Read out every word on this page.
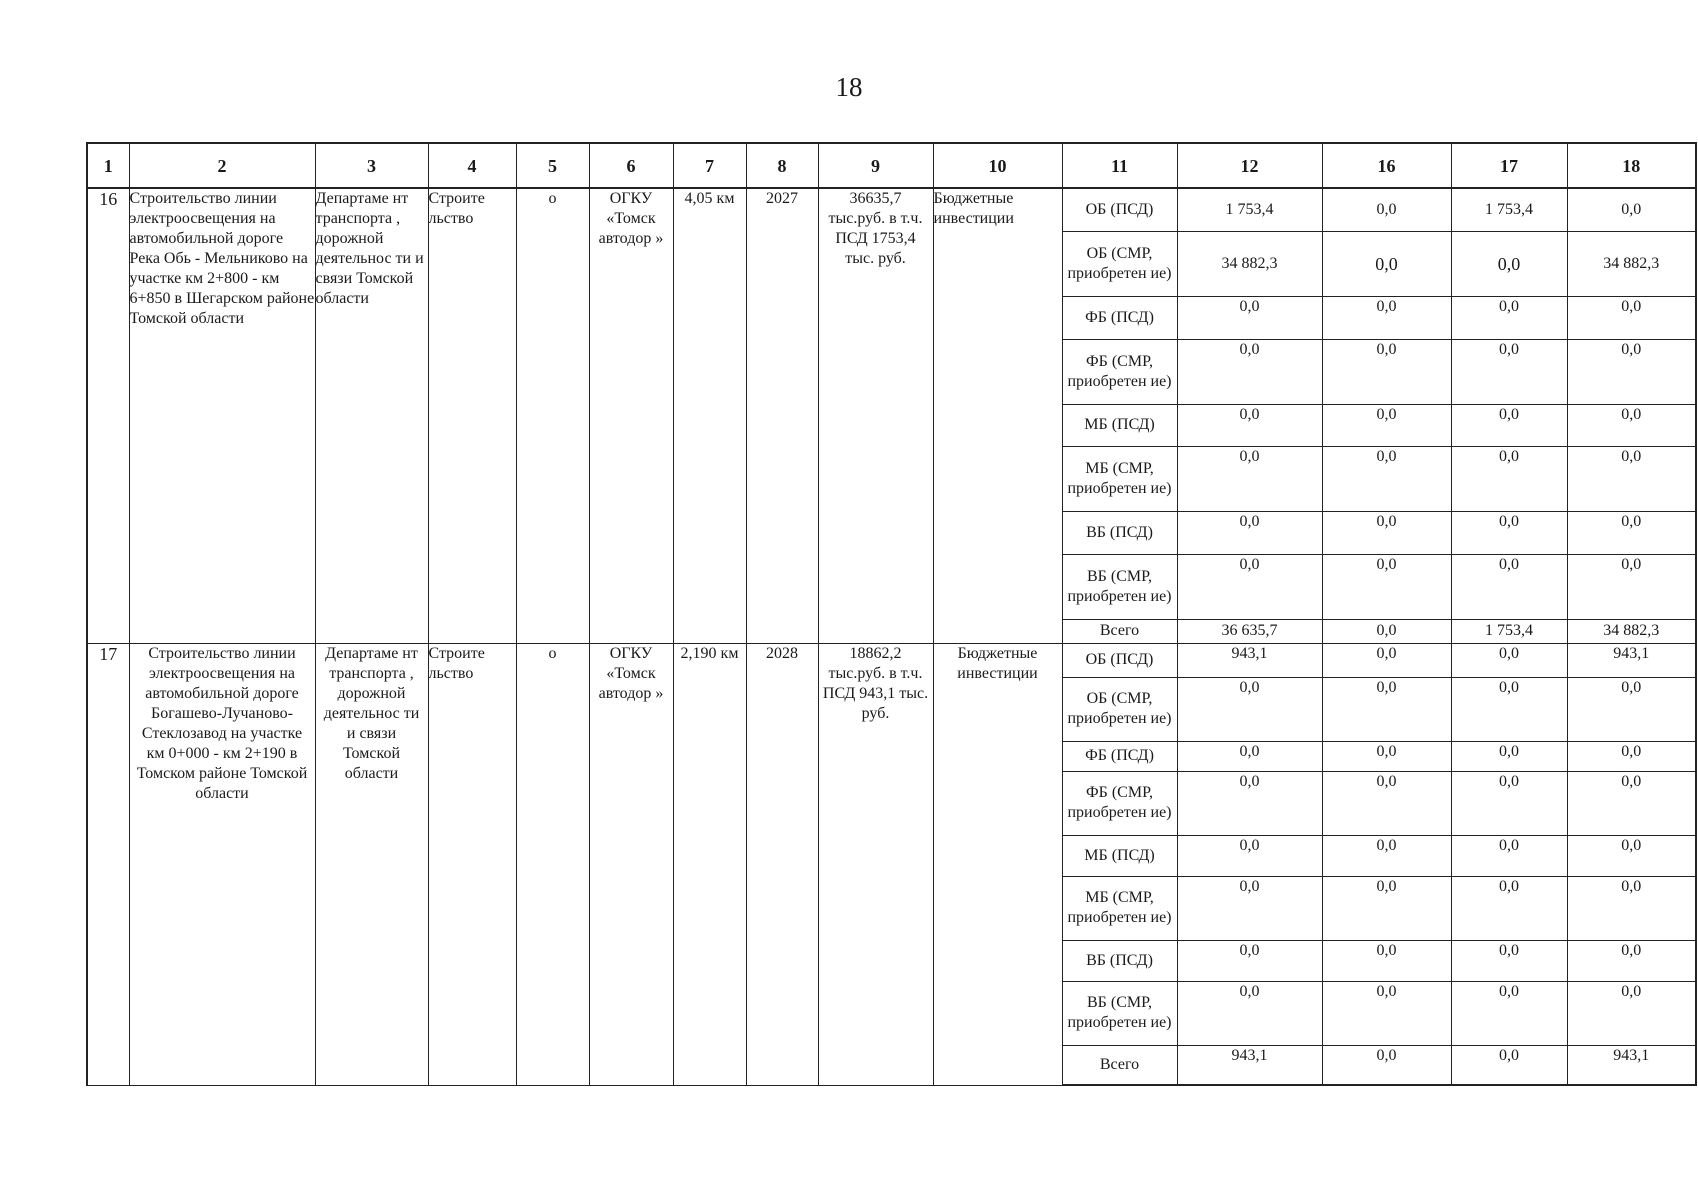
18
1	2	3	4	5	6	7	8	9	10	11	12	16	17	18
16	Строительство линии электроосвещения на автомобильной дороге Река Обь - Мельниково на участке км 2+800 - км 6+850 в Шегарском районе Томской области	Департаме нт транспорта , дорожной деятельнос ти и связи Томской области	Строите льство	о	ОГКУ «Томск автодор »	4,05 км	2027	36635,7 тыс.руб. в т.ч. ПСД 1753,4 тыс. руб.	Бюджетные инвестиции	ОБ (ПСД)	1 753,4	0,0	1 753,4	0,0
										ОБ (СМР, приобретен ие)	34 882,3	0,0	0,0	34 882,3
										ФБ (ПСД)	0,0	0,0	0,0	0,0
										ФБ (СМР, приобретен ие)	0,0	0,0	0,0	0,0
										МБ (ПСД)	0,0	0,0	0,0	0,0
										МБ (СМР, приобретен ие)	0,0	0,0	0,0	0,0
										ВБ (ПСД)	0,0	0,0	0,0	0,0
										ВБ (СМР, приобретен ие)	0,0	0,0	0,0	0,0
										Всего	36 635,7	0,0	1 753,4	34 882,3
17	Строительство линии электроосвещения на автомобильной дороге Богашево-Лучаново-Стеклозавод на участке км 0+000 - км 2+190 в Томском районе Томской области	Департаме нт транспорта , дорожной деятельнос ти и связи Томской области	Строите льство	о	ОГКУ «Томск автодор »	2,190 км	2028	18862,2 тыс.руб. в т.ч. ПСД 943,1 тыс. руб.	Бюджетные инвестиции	ОБ (ПСД)	943,1	0,0	0,0	943,1
										ОБ (СМР, приобретен ие)	0,0	0,0	0,0	0,0
										ФБ (ПСД)	0,0	0,0	0,0	0,0
										ФБ (СМР, приобретен ие)	0,0	0,0	0,0	0,0
										МБ (ПСД)	0,0	0,0	0,0	0,0
										МБ (СМР, приобретен ие)	0,0	0,0	0,0	0,0
										ВБ (ПСД)	0,0	0,0	0,0	0,0
										ВБ (СМР, приобретен ие)	0,0	0,0	0,0	0,0
										Всего	943,1	0,0	0,0	943,1
